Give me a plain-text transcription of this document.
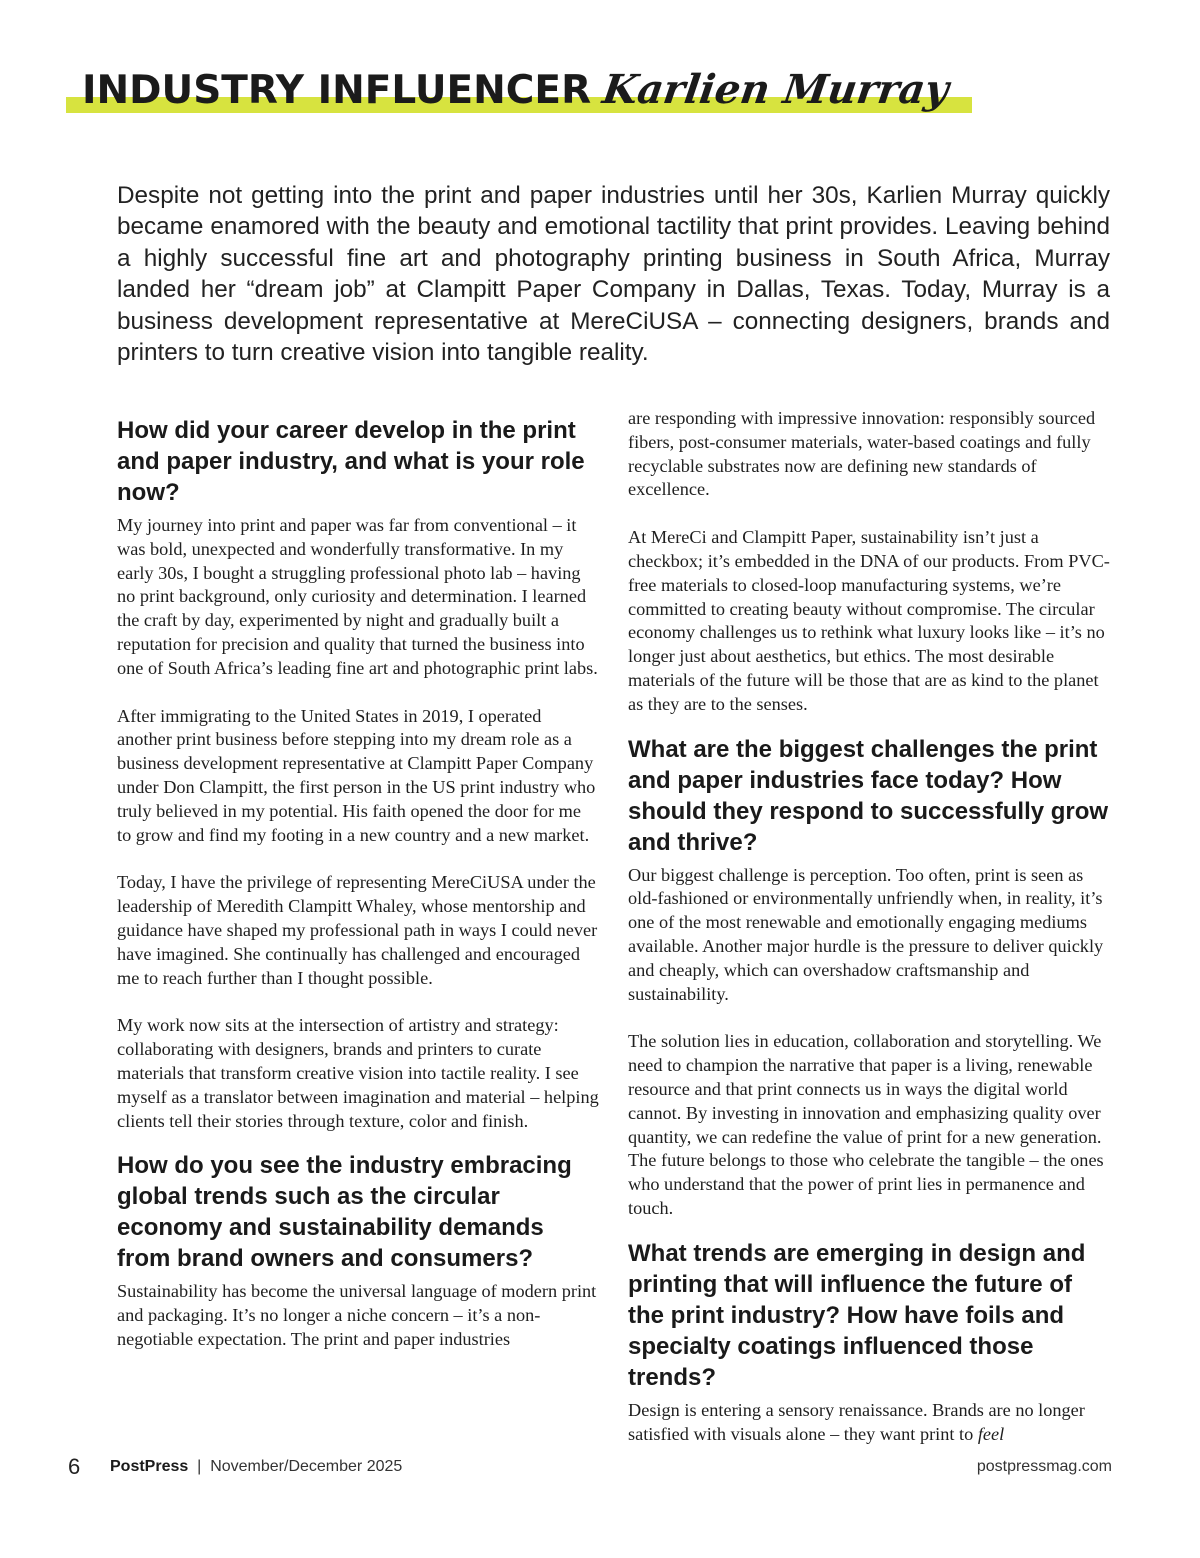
INDUSTRY INFLUENCER Karlien Murray

Despite not getting into the print and paper industries until her 30s, Karlien Murray quickly became enamored with the beauty and emotional tactility that print provides. Leaving behind a highly successful fine art and photography printing business in South Africa, Murray landed her “dream job” at Clampitt Paper Company in Dallas, Texas. Today, Murray is a business development representative at MereCiUSA – connecting designers, brands and printers to turn creative vision into tangible reality.

How did your career develop in the print and paper industry, and what is your role now?

My journey into print and paper was far from conventional – it was bold, unexpected and wonderfully transformative. In my early 30s, I bought a struggling professional photo lab – having no print background, only curiosity and determination. I learned the craft by day, experimented by night and gradually built a reputation for precision and quality that turned the business into one of South Africa’s leading fine art and photographic print labs.

After immigrating to the United States in 2019, I operated another print business before stepping into my dream role as a business development representative at Clampitt Paper Company under Don Clampitt, the first person in the US print industry who truly believed in my potential. His faith opened the door for me to grow and find my footing in a new country and a new market.

Today, I have the privilege of representing MereCiUSA under the leadership of Meredith Clampitt Whaley, whose mentorship and guidance have shaped my professional path in ways I could never have imagined. She continually has challenged and encouraged me to reach further than I thought possible.

My work now sits at the intersection of artistry and strategy: collaborating with designers, brands and printers to curate materials that transform creative vision into tactile reality. I see myself as a translator between imagination and material – helping clients tell their stories through texture, color and finish.

How do you see the industry embracing global trends such as the circular economy and sustainability demands from brand owners and consumers?

Sustainability has become the universal language of modern print and packaging. It’s no longer a niche concern – it’s a non-negotiable expectation. The print and paper industries

are responding with impressive innovation: responsibly sourced fibers, post-consumer materials, water-based coatings and fully recyclable substrates now are defining new standards of excellence.

At MereCi and Clampitt Paper, sustainability isn’t just a checkbox; it’s embedded in the DNA of our products. From PVC-free materials to closed-loop manufacturing systems, we’re committed to creating beauty without compromise. The circular economy challenges us to rethink what luxury looks like – it’s no longer just about aesthetics, but ethics. The most desirable materials of the future will be those that are as kind to the planet as they are to the senses.

What are the biggest challenges the print and paper industries face today? How should they respond to successfully grow and thrive?

Our biggest challenge is perception. Too often, print is seen as old-fashioned or environmentally unfriendly when, in reality, it’s one of the most renewable and emotionally engaging mediums available. Another major hurdle is the pressure to deliver quickly and cheaply, which can overshadow craftsmanship and sustainability.

The solution lies in education, collaboration and storytelling. We need to champion the narrative that paper is a living, renewable resource and that print connects us in ways the digital world cannot. By investing in innovation and emphasizing quality over quantity, we can redefine the value of print for a new generation. The future belongs to those who celebrate the tangible – the ones who understand that the power of print lies in permanence and touch.

What trends are emerging in design and printing that will influence the future of the print industry? How have foils and specialty coatings influenced those trends?

Design is entering a sensory renaissance. Brands are no longer satisfied with visuals alone – they want print to feel

6 PostPress | November/December 2025	postpressmag.com
